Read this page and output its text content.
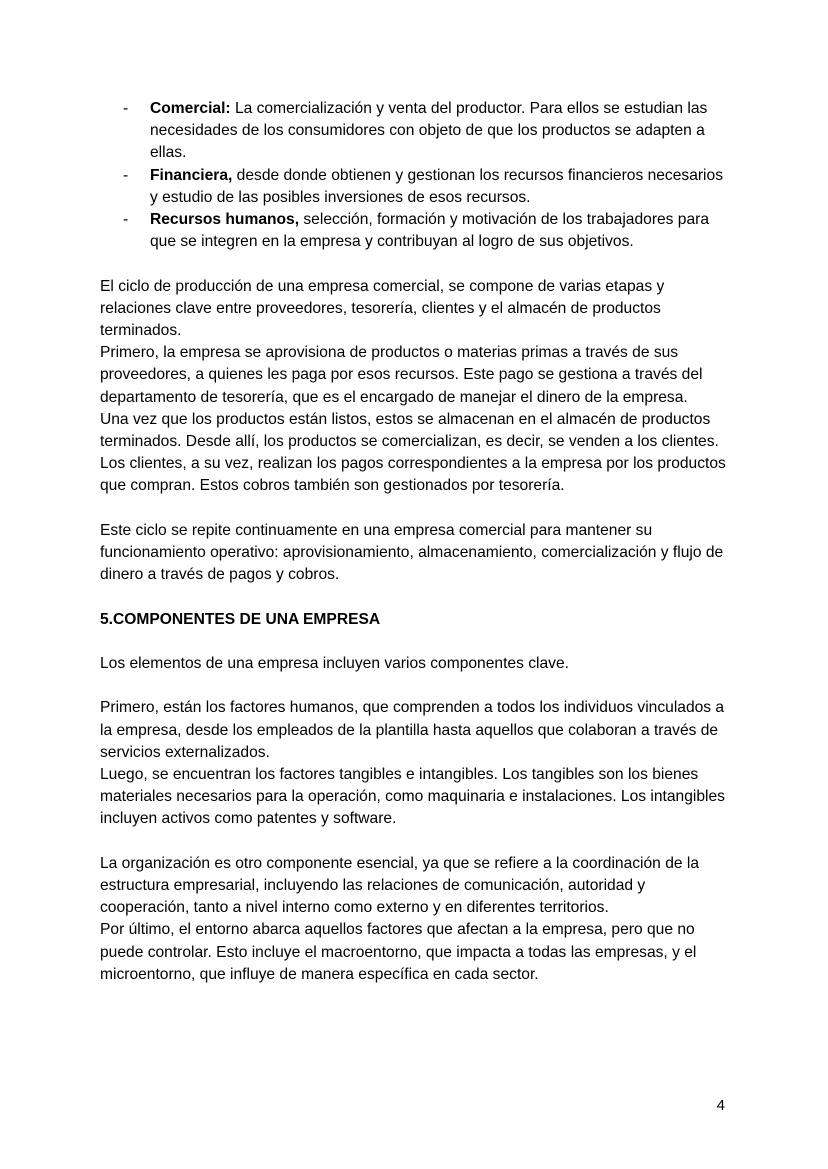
- Comercial: La comercialización y venta del productor. Para ellos se estudian las necesidades de los consumidores con objeto de que los productos se adapten a ellas.
- Financiera, desde donde obtienen y gestionan los recursos financieros necesarios y estudio de las posibles inversiones de esos recursos.
- Recursos humanos, selección, formación y motivación de los trabajadores para que se integren en la empresa y contribuyan al logro de sus objetivos.

El ciclo de producción de una empresa comercial, se compone de varias etapas y relaciones clave entre proveedores, tesorería, clientes y el almacén de productos terminados.

Primero, la empresa se aprovisiona de productos o materias primas a través de sus proveedores, a quienes les paga por esos recursos. Este pago se gestiona a través del departamento de tesorería, que es el encargado de manejar el dinero de la empresa.

Una vez que los productos están listos, estos se almacenan en el almacén de productos terminados. Desde allí, los productos se comercializan, es decir, se venden a los clientes. Los clientes, a su vez, realizan los pagos correspondientes a la empresa por los productos que compran. Estos cobros también son gestionados por tesorería.

Este ciclo se repite continuamente en una empresa comercial para mantener su funcionamiento operativo: aprovisionamiento, almacenamiento, comercialización y flujo de dinero a través de pagos y cobros.

5.COMPONENTES DE UNA EMPRESA

Los elementos de una empresa incluyen varios componentes clave.

Primero, están los factores humanos, que comprenden a todos los individuos vinculados a la empresa, desde los empleados de la plantilla hasta aquellos que colaboran a través de servicios externalizados.

Luego, se encuentran los factores tangibles e intangibles. Los tangibles son los bienes materiales necesarios para la operación, como maquinaria e instalaciones. Los intangibles incluyen activos como patentes y software.

La organización es otro componente esencial, ya que se refiere a la coordinación de la estructura empresarial, incluyendo las relaciones de comunicación, autoridad y cooperación, tanto a nivel interno como externo y en diferentes territorios.

Por último, el entorno abarca aquellos factores que afectan a la empresa, pero que no puede controlar. Esto incluye el macroentorno, que impacta a todas las empresas, y el microentorno, que influye de manera específica en cada sector.

4
